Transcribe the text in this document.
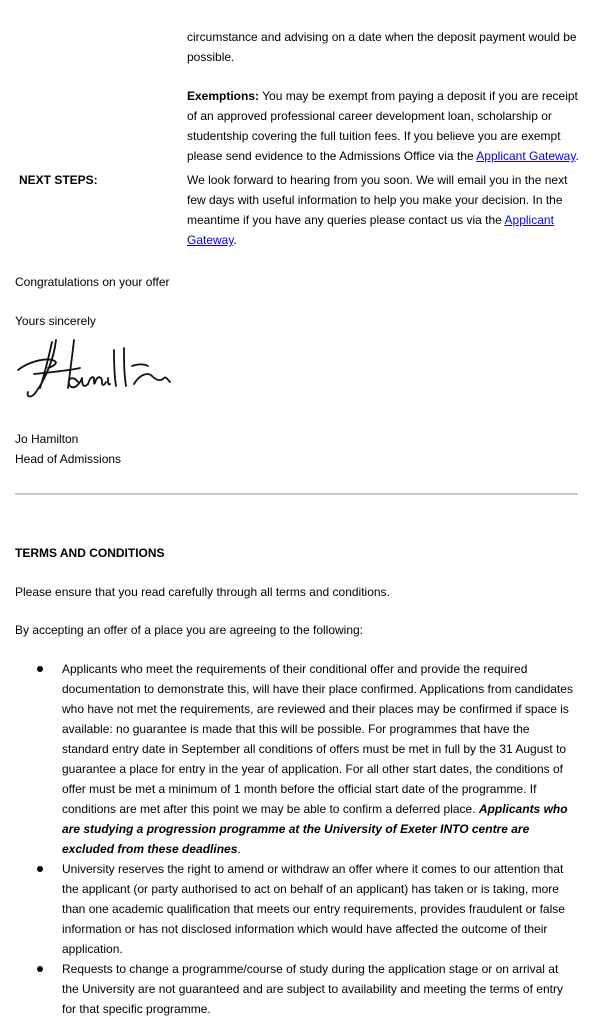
circumstance and advising on a date when the deposit payment would be possible.
Exemptions: You may be exempt from paying a deposit if you are receipt of an approved professional career development loan, scholarship or studentship covering the full tuition fees. If you believe you are exempt please send evidence to the Admissions Office via the Applicant Gateway.
NEXT STEPS:	We look forward to hearing from you soon. We will email you in the next few days with useful information to help you make your decision. In the meantime if you have any queries please contact us via the Applicant Gateway.
Congratulations on your offer
Yours sincerely
Jo Hamilton
Head of Admissions
TERMS AND CONDITIONS
Please ensure that you read carefully through all terms and conditions.
By accepting an offer of a place you are agreeing to the following:
Applicants who meet the requirements of their conditional offer and provide the required documentation to demonstrate this, will have their place confirmed. Applications from candidates who have not met the requirements, are reviewed and their places may be confirmed if space is available: no guarantee is made that this will be possible. For programmes that have the standard entry date in September all conditions of offers must be met in full by the 31 August to guarantee a place for entry in the year of application. For all other start dates, the conditions of offer must be met a minimum of 1 month before the official start date of the programme. If conditions are met after this point we may be able to confirm a deferred place. Applicants who are studying a progression programme at the University of Exeter INTO centre are excluded from these deadlines.
University reserves the right to amend or withdraw an offer where it comes to our attention that the applicant (or party authorised to act on behalf of an applicant) has taken or is taking, more than one academic qualification that meets our entry requirements, provides fraudulent or false information or has not disclosed information which would have affected the outcome of their application.
Requests to change a programme/course of study during the application stage or on arrival at the University are not guaranteed and are subject to availability and meeting the terms of entry for that specific programme.
